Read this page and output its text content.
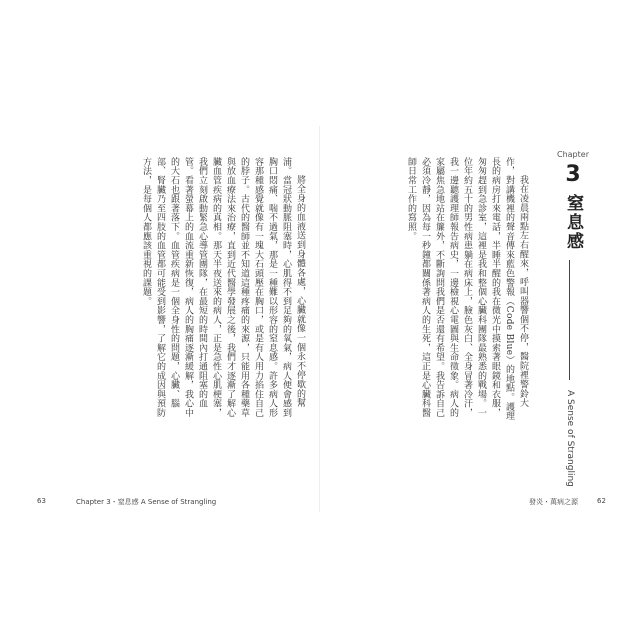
將全身的血液送到身體各處，心臟就像一個永不停歇的幫浦。當冠狀動脈阻塞時，心肌得不到足夠的氧氣，病人便會感到胸口悶痛、喘不過氣，那是一種難以形容的窒息感。許多病人形容那種感覺就像有一塊大石頭壓在胸口，或是有人用力掐住自己的脖子。古代的醫師並不知道這種疼痛的來源，只能用各種藥草與放血療法來治療，直到近代醫學發展之後，我們才逐漸了解心臟血管疾病的真相。那天半夜送來的病人，正是急性心肌梗塞，我們立刻啟動緊急心導管團隊，在最短的時間內打通阻塞的血管。看著螢幕上的血流重新恢復，病人的胸痛逐漸緩解，我心中的大石也跟著落下。血管疾病是一個全身性的問題，心臟、腦部、腎臟乃至四肢的血管都可能受到影響，了解它的成因與預防方法，是每個人都應該重視的課題。	我在凌晨兩點左右醒來，呼叫器響個不停，醫院裡警鈴大作，對講機裡的聲音傳來藍色警報（Code Blue）的地點。護理長的病房打來電話，半睡半醒的我在微光中摸索著眼鏡和衣服，匆匆趕到急診室，這裡是我和整個心臟科團隊最熟悉的戰場。一位年約五十的男性病患躺在病床上，臉色灰白、全身冒著冷汗，我一邊聽護理師報告病史，一邊檢視心電圖與生命徵象。病人的家屬焦急地站在簾外，不斷詢問我們是否還有希望。我告訴自己必須冷靜，因為每一秒鐘都關係著病人的生死，這正是心臟科醫師日常工作的寫照。

Chapter
3
窒息感
A Sense of Strangling
63	Chapter 3・窒息感 A Sense of Strangling	發炎・萬病之源	62
